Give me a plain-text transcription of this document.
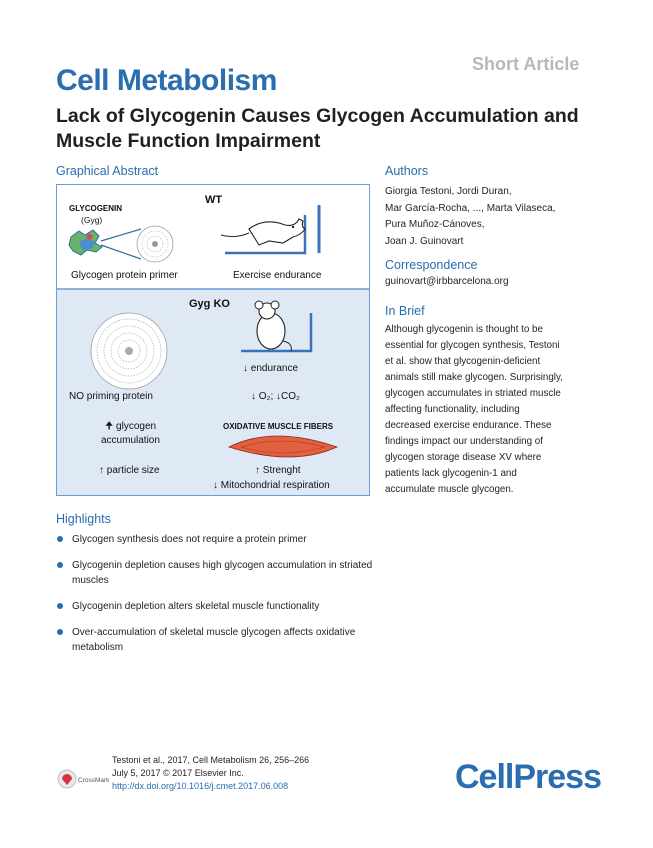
Short Article
Cell Metabolism
Lack of Glycogenin Causes Glycogen Accumulation and Muscle Function Impairment
Graphical Abstract
WT
GLYCOGENIN
(Gyg)
Glycogen protein primer	Exercise endurance
Gyg KO
↓ endurance
NO priming protein	↓ O₂; ↓CO₂
🠉 glycogen
accumulation
OXIDATIVE MUSCLE FIBERS
↑ particle size	↑ Strenght
↓ Mitochondrial respiration
Authors
Giorgia Testoni, Jordi Duran,
Mar García-Rocha, ..., Marta Vilaseca,
Pura Muñoz-Cánoves,
Joan J. Guinovart
Correspondence
guinovart@irbbarcelona.org
In Brief
Although glycogenin is thought to be
essential for glycogen synthesis, Testoni
et al. show that glycogenin-deficient
animals still make glycogen. Surprisingly,
glycogen accumulates in striated muscle
affecting functionality, including
decreased exercise endurance. These
findings impact our understanding of
glycogen storage disease XV where
patients lack glycogenin-1 and
accumulate muscle glycogen.
Highlights
Glycogen synthesis does not require a protein primer
Glycogenin depletion causes high glycogen accumulation in striated muscles
Glycogenin depletion alters skeletal muscle functionality
Over-accumulation of skeletal muscle glycogen affects oxidative metabolism
CrossMark
Testoni et al., 2017, Cell Metabolism 26, 256–266
July 5, 2017 © 2017 Elsevier Inc.
http://dx.doi.org/10.1016/j.cmet.2017.06.008	CellPress
